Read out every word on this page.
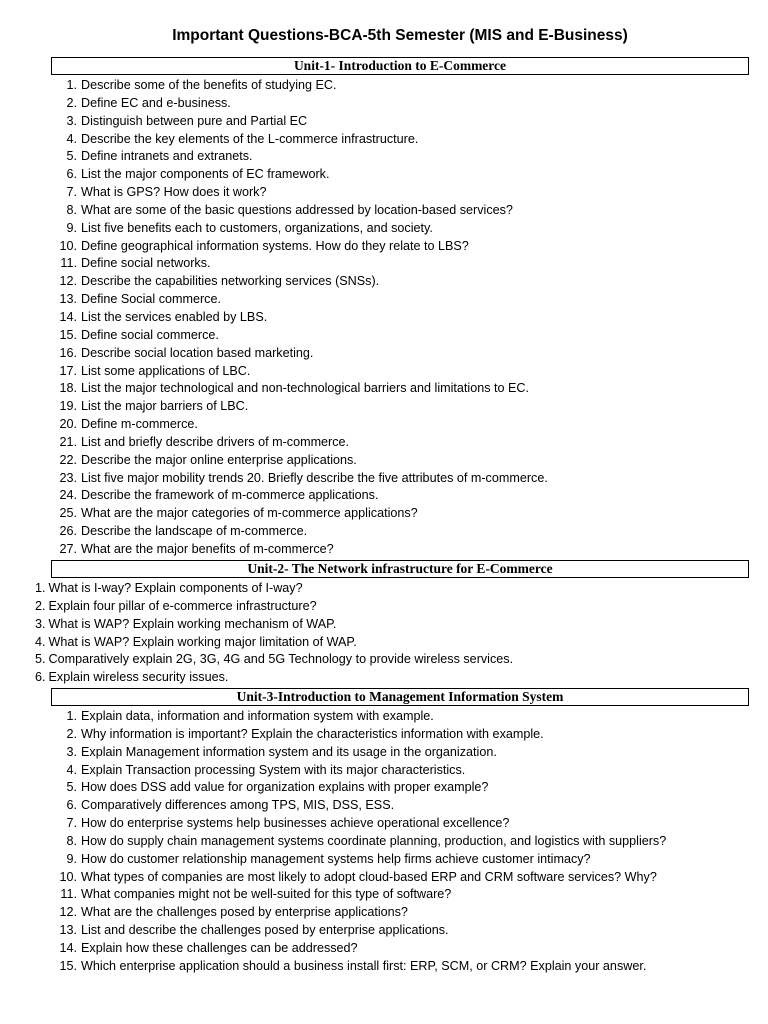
Important Questions-BCA-5th Semester (MIS and E-Business)
Unit-1- Introduction to E-Commerce
1. Describe some of the benefits of studying EC.
2. Define EC and e-business.
3. Distinguish between pure and Partial EC
4. Describe the key elements of the L-commerce infrastructure.
5. Define intranets and extranets.
6. List the major components of EC framework.
7. What is GPS? How does it work?
8. What are some of the basic questions addressed by location-based services?
9. List five benefits each to customers, organizations, and society.
10. Define geographical information systems. How do they relate to LBS?
11. Define social networks.
12. Describe the capabilities networking services (SNSs).
13. Define Social commerce.
14. List the services enabled by LBS.
15. Define social commerce.
16. Describe social location based marketing.
17. List some applications of LBC.
18. List the major technological and non-technological barriers and limitations to EC.
19. List the major barriers of LBC.
20. Define m-commerce.
21. List and briefly describe drivers of m-commerce.
22. Describe the major online enterprise applications.
23. List five major mobility trends 20. Briefly describe the five attributes of m-commerce.
24. Describe the framework of m-commerce applications.
25. What are the major categories of m-commerce applications?
26. Describe the landscape of m-commerce.
27. What are the major benefits of m-commerce?
Unit-2- The Network infrastructure for E-Commerce
1. What is I-way? Explain components of I-way?
2. Explain four pillar of e-commerce infrastructure?
3. What is WAP? Explain working mechanism of WAP.
4. What is WAP? Explain working major limitation of WAP.
5. Comparatively explain 2G, 3G, 4G and 5G Technology to provide wireless services.
6. Explain wireless security issues.
Unit-3-Introduction to Management Information System
1. Explain data, information and information system with example.
2. Why information is important? Explain the characteristics information with example.
3. Explain Management information system and its usage in the organization.
4. Explain Transaction processing System with its major characteristics.
5. How does DSS add value for organization explains with proper example?
6. Comparatively differences among TPS, MIS, DSS, ESS.
7. How do enterprise systems help businesses achieve operational excellence?
8. How do supply chain management systems coordinate planning, production, and logistics with suppliers?
9. How do customer relationship management systems help firms achieve customer intimacy?
10. What types of companies are most likely to adopt cloud-based ERP and CRM software services? Why?
11. What companies might not be well-suited for this type of software?
12. What are the challenges posed by enterprise applications?
13. List and describe the challenges posed by enterprise applications.
14. Explain how these challenges can be addressed?
15. Which enterprise application should a business install first: ERP, SCM, or CRM? Explain your answer.
